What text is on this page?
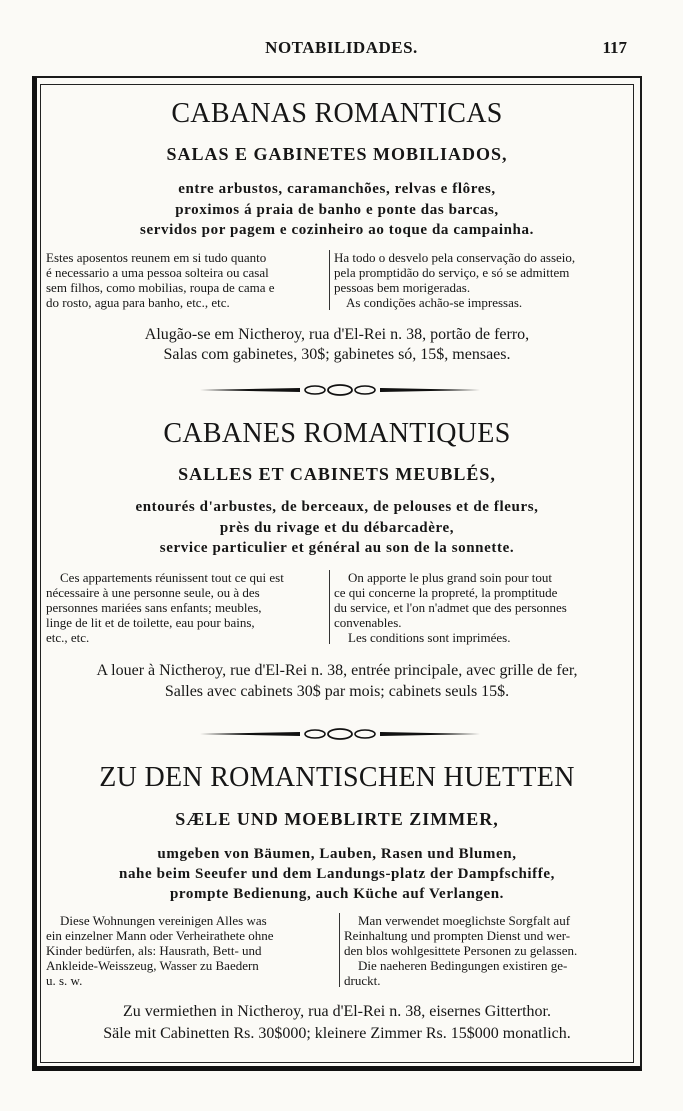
NOTABILIDADES.	117
CABANAS ROMANTICAS
SALAS E GABINETES MOBILIADOS,
entre arbustos, caramanchões, relvas e flôres,
proximos á praia de banho e ponte das barcas,
servidos por pagem e cozinheiro ao toque da campainha.
Estes aposentos reunem em si tudo quanto
é necessario a uma pessoa solteira ou casal
sem filhos, como mobilias, roupa de cama e
do rosto, agua para banho, etc., etc.
Ha todo o desvelo pela conservação do asseio,
pela promptidão do serviço, e só se admittem
pessoas bem morigeradas.
As condições achão-se impressas.
Alugão-se em Nictheroy, rua d'El-Rei n. 38, portão de ferro,
Salas com gabinetes, 30$; gabinetes só, 15$, mensaes.
CABANES ROMANTIQUES
SALLES ET CABINETS MEUBLÉS,
entourés d'arbustes, de berceaux, de pelouses et de fleurs,
près du rivage et du débarcadère,
service particulier et général au son de la sonnette.
Ces appartements réunissent tout ce qui est
nécessaire à une personne seule, ou à des
personnes mariées sans enfants; meubles,
linge de lit et de toilette, eau pour bains,
etc., etc.
On apporte le plus grand soin pour tout
ce qui concerne la propreté, la promptitude
du service, et l'on n'admet que des personnes
convenables.
Les conditions sont imprimées.
A louer à Nictheroy, rue d'El-Rei n. 38, entrée principale, avec grille de fer,
Salles avec cabinets 30$ par mois; cabinets seuls 15$.
ZU DEN ROMANTISCHEN HUETTEN
SÆLE UND MOEBLIRTE ZIMMER,
umgeben von Bäumen, Lauben, Rasen und Blumen,
nahe beim Seeufer und dem Landungs-platz der Dampfschiffe,
prompte Bedienung, auch Küche auf Verlangen.
Diese Wohnungen vereinigen Alles was
ein einzelner Mann oder Verheirathete ohne
Kinder bedürfen, als: Hausrath, Bett- und
Ankleide-Weisszeug, Wasser zu Baedern
u. s. w.
Man verwendet moeglichste Sorgfalt auf
Reinhaltung und prompten Dienst und wer-
den blos wohlgesittete Personen zu gelassen.
Die naeheren Bedingungen existiren ge-
druckt.
Zu vermiethen in Nictheroy, rua d'El-Rei n. 38, eisernes Gitterthor.
Säle mit Cabinetten Rs. 30$000; kleinere Zimmer Rs. 15$000 monatlich.
